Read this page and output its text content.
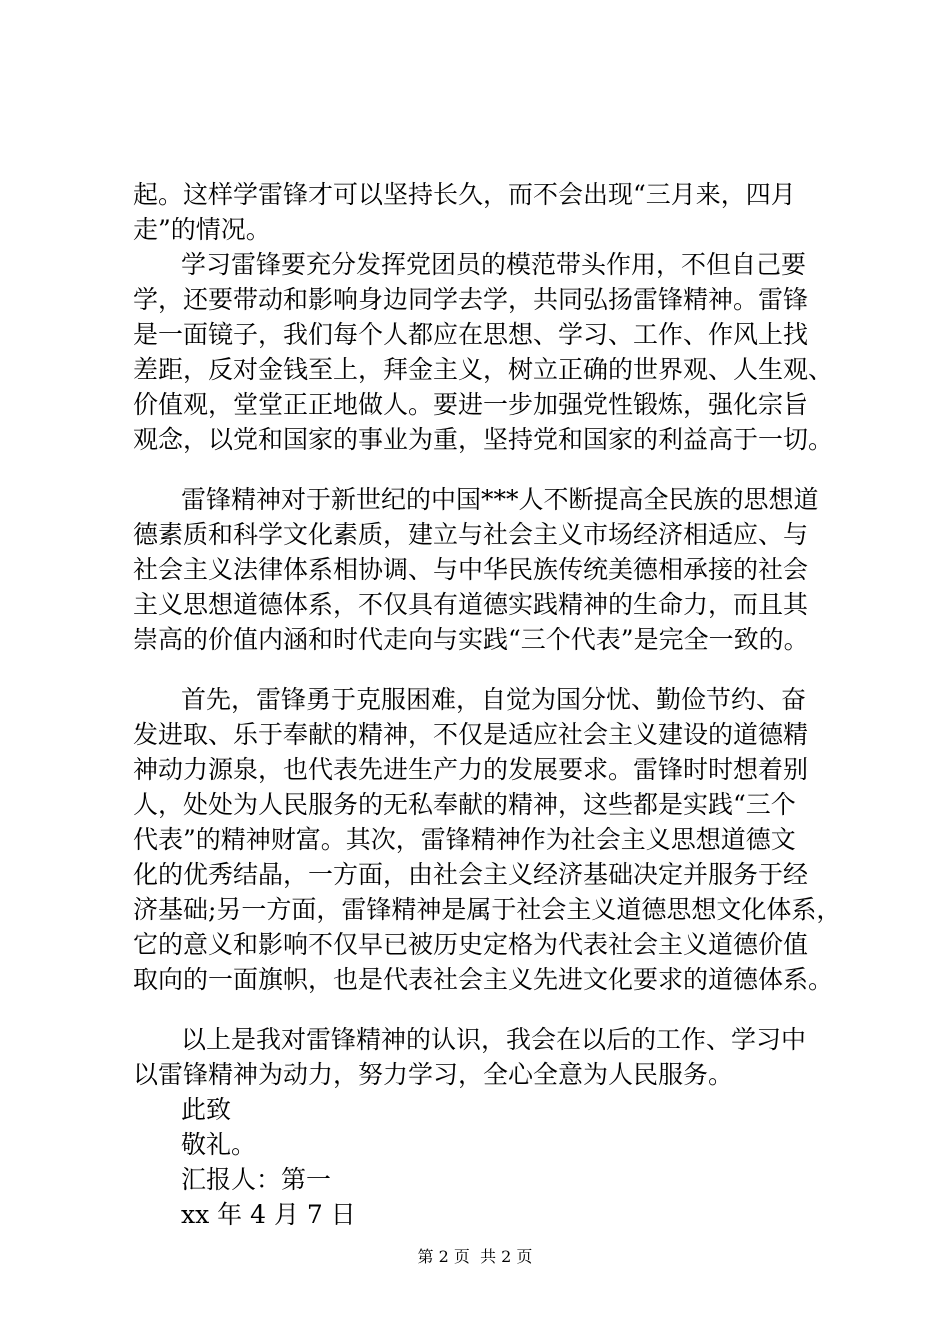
起。这样学雷锋才可以坚持长久，而不会出现“三月来，四月
走”的情况。
学习雷锋要充分发挥党团员的模范带头作用，不但自己要
学，还要带动和影响身边同学去学，共同弘扬雷锋精神。雷锋
是一面镜子，我们每个人都应在思想、学习、工作、作风上找
差距，反对金钱至上，拜金主义，树立正确的世界观、人生观、
价值观，堂堂正正地做人。要进一步加强党性锻炼，强化宗旨
观念，以党和国家的事业为重，坚持党和国家的利益高于一切。
雷锋精神对于新世纪的中国***人不断提高全民族的思想道
德素质和科学文化素质，建立与社会主义市场经济相适应、与
社会主义法律体系相协调、与中华民族传统美德相承接的社会
主义思想道德体系，不仅具有道德实践精神的生命力，而且其
崇高的价值内涵和时代走向与实践“三个代表”是完全一致的。
首先，雷锋勇于克服困难，自觉为国分忧、勤俭节约、奋
发进取、乐于奉献的精神，不仅是适应社会主义建设的道德精
神动力源泉，也代表先进生产力的发展要求。雷锋时时想着别
人，处处为人民服务的无私奉献的精神，这些都是实践“三个
代表”的精神财富。其次，雷锋精神作为社会主义思想道德文
化的优秀结晶，一方面，由社会主义经济基础决定并服务于经
济基础;另一方面，雷锋精神是属于社会主义道德思想文化体系，
它的意义和影响不仅早已被历史定格为代表社会主义道德价值
取向的一面旗帜，也是代表社会主义先进文化要求的道德体系。
以上是我对雷锋精神的认识，我会在以后的工作、学习中
以雷锋精神为动力，努力学习，全心全意为人民服务。
此致
敬礼。
汇报人：第一
xx 年 4 月 7 日
第 2 页  共 2 页
